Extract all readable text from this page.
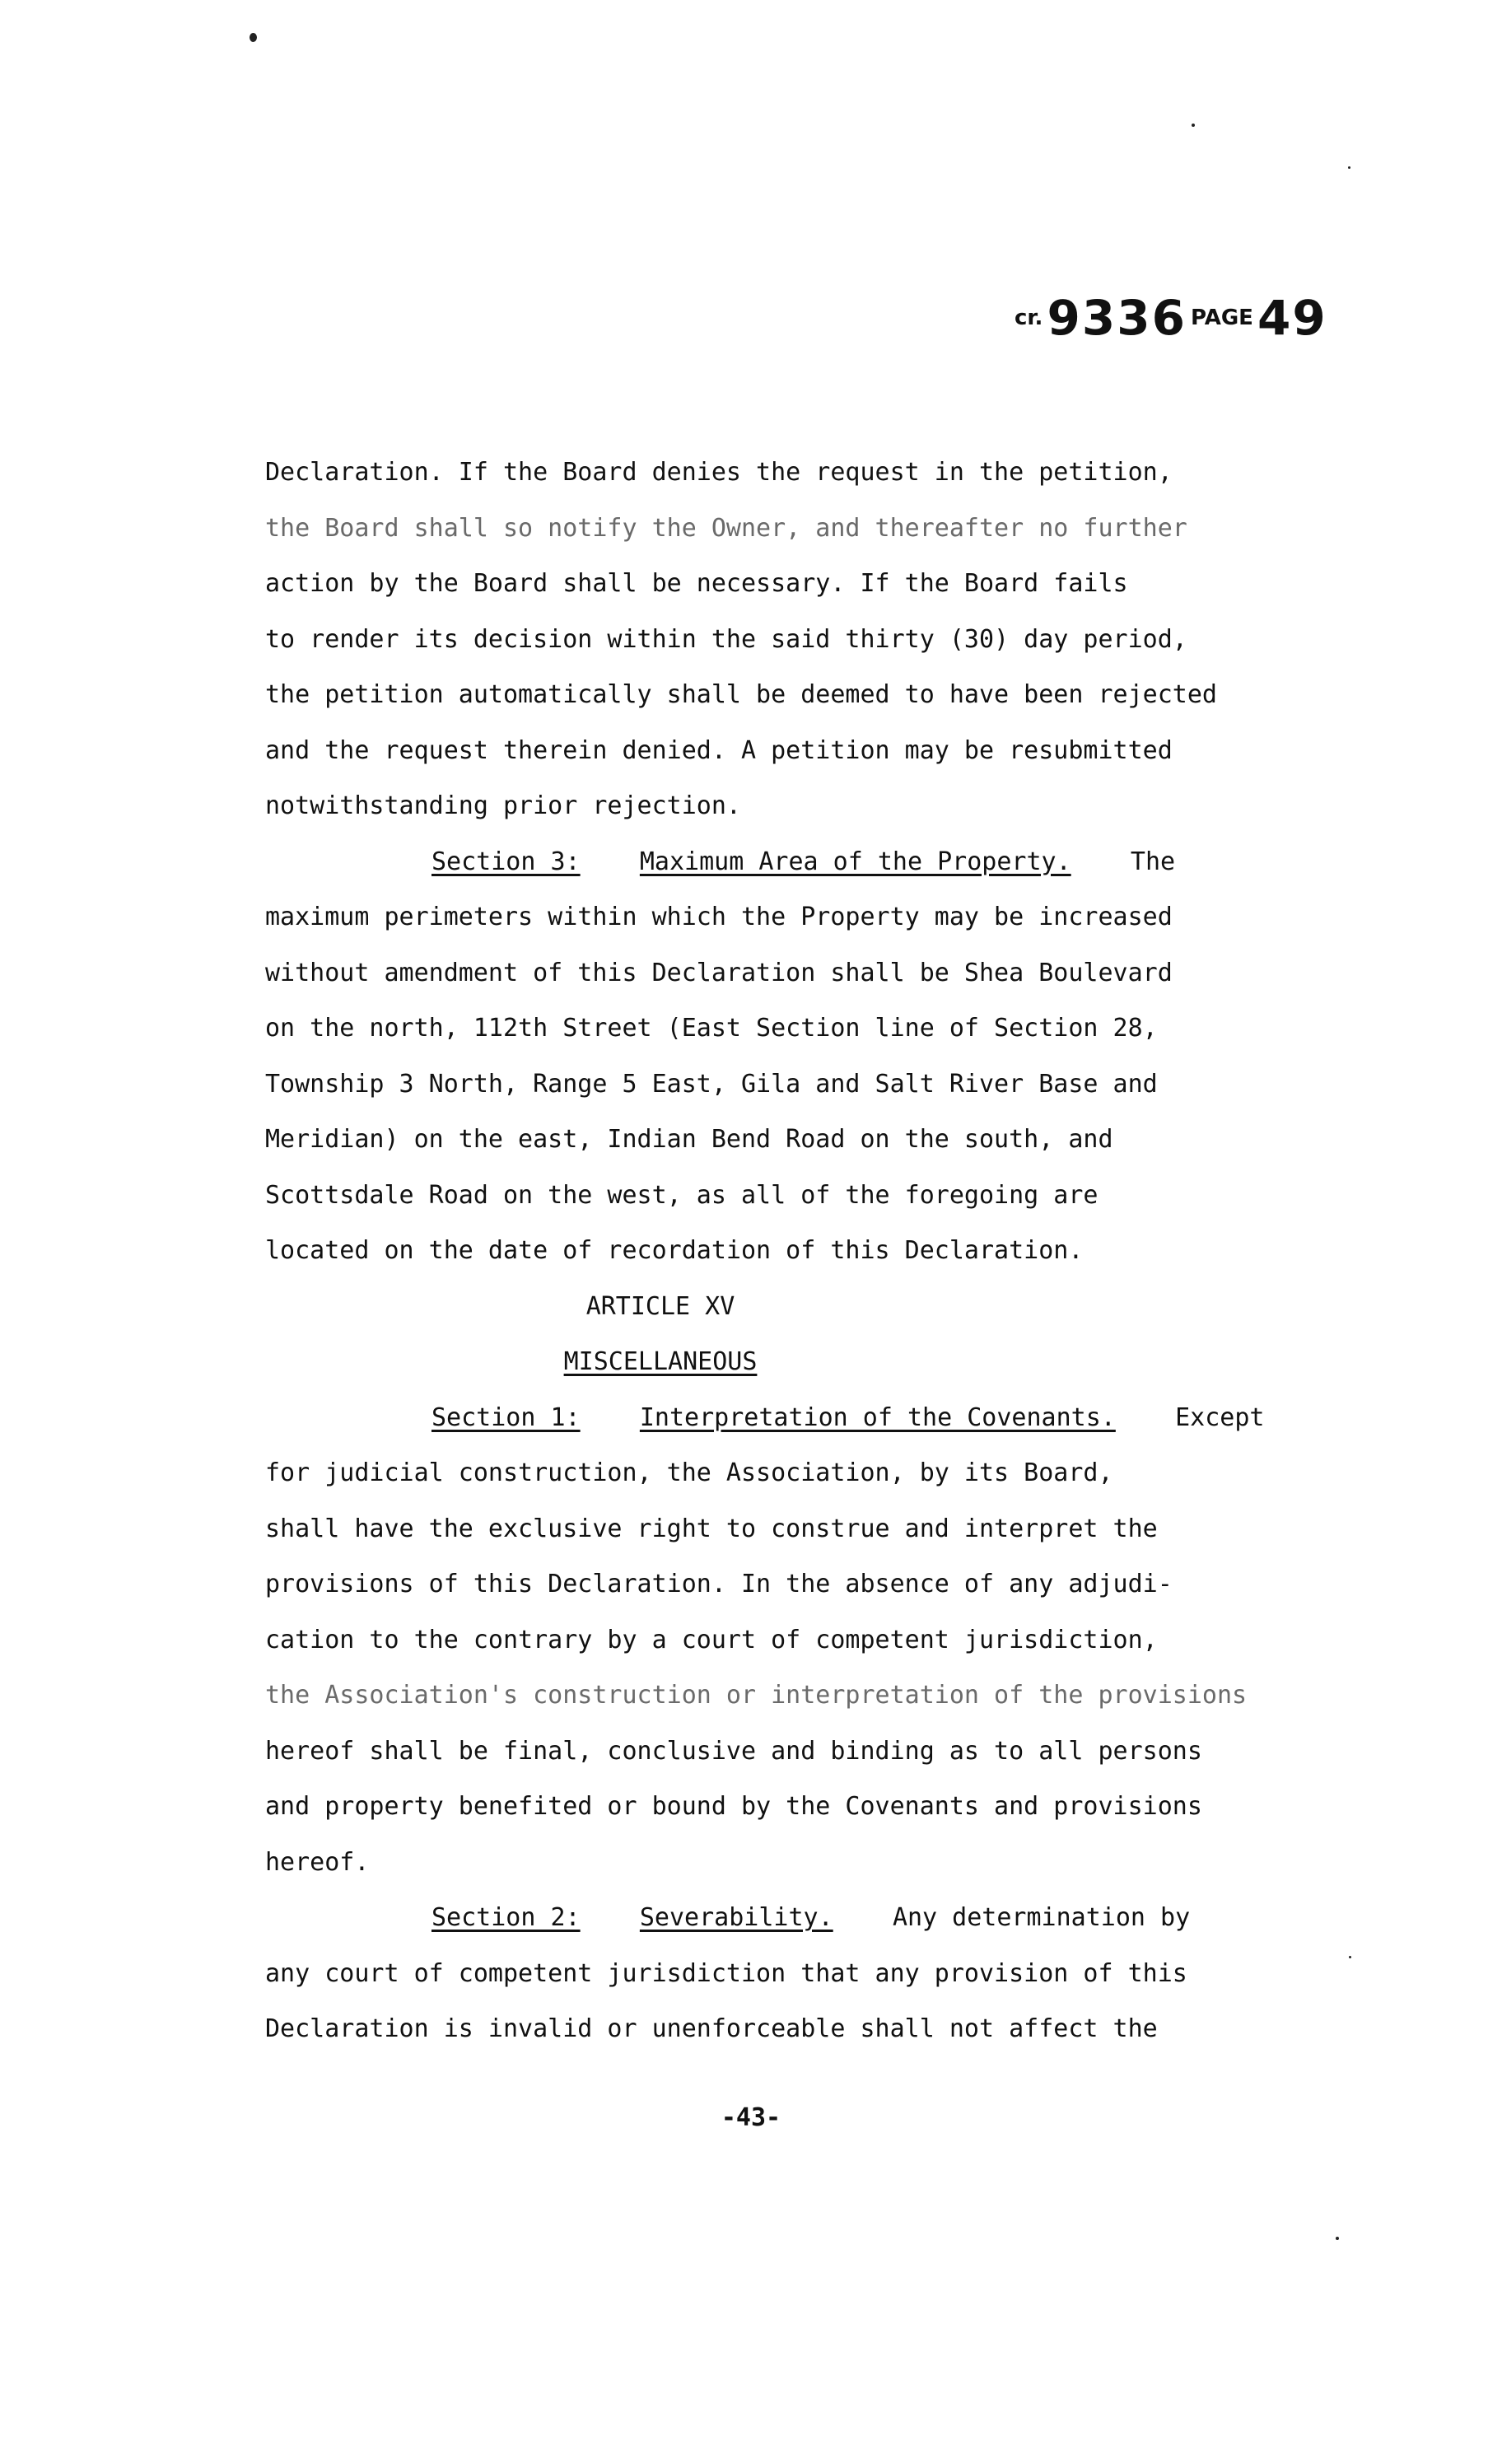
cr. 9336 PAGE 49
Declaration. If the Board denies the request in the petition,
the Board shall so notify the Owner, and thereafter no further
action by the Board shall be necessary. If the Board fails
to render its decision within the said thirty (30) day period,
the petition automatically shall be deemed to have been rejected
and the request therein denied. A petition may be resubmitted
notwithstanding prior rejection.
Section 3: Maximum Area of the Property. The
maximum perimeters within which the Property may be increased
without amendment of this Declaration shall be Shea Boulevard
on the north, 112th Street (East Section line of Section 28,
Township 3 North, Range 5 East, Gila and Salt River Base and
Meridian) on the east, Indian Bend Road on the south, and
Scottsdale Road on the west, as all of the foregoing are
located on the date of recordation of this Declaration.
ARTICLE XV
MISCELLANEOUS
Section 1: Interpretation of the Covenants. Except
for judicial construction, the Association, by its Board,
shall have the exclusive right to construe and interpret the
provisions of this Declaration. In the absence of any adjudi-
cation to the contrary by a court of competent jurisdiction,
the Association's construction or interpretation of the provisions
hereof shall be final, conclusive and binding as to all persons
and property benefited or bound by the Covenants and provisions
hereof.
Section 2: Severability. Any determination by
any court of competent jurisdiction that any provision of this
Declaration is invalid or unenforceable shall not affect the
-43-
